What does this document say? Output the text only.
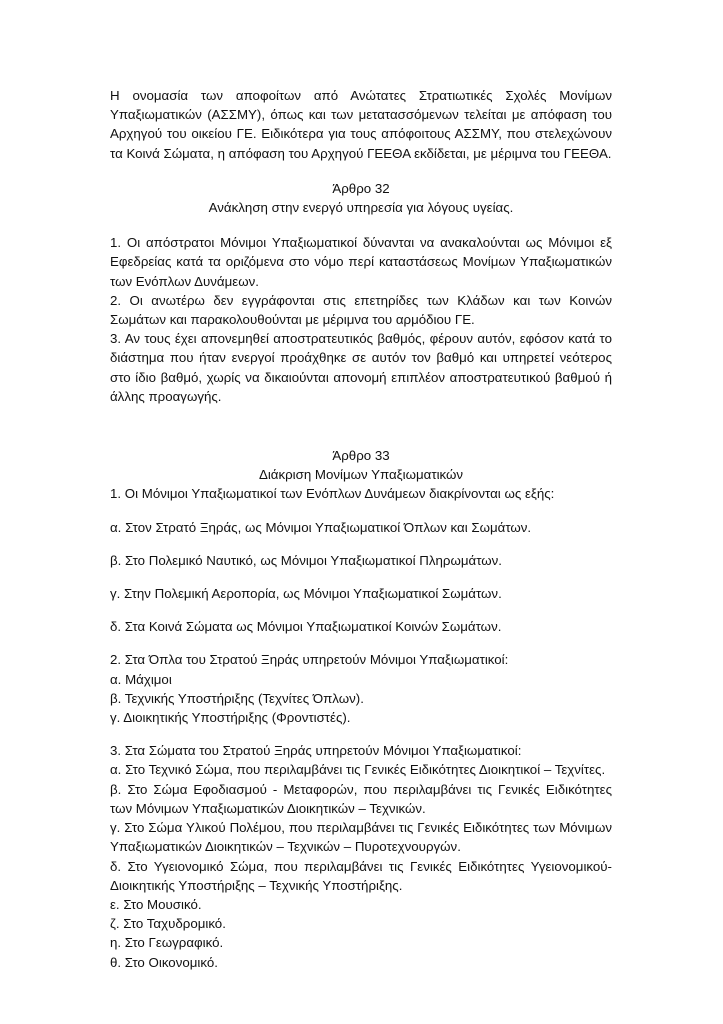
Η ονομασία των αποφοίτων από Ανώτατες Στρατιωτικές Σχολές Μονίμων Υπαξιωματικών (ΑΣΣΜΥ), όπως και των μετατασσόμενων τελείται με απόφαση του Αρχηγού του οικείου ΓΕ. Ειδικότερα για τους απόφοιτους ΑΣΣΜΥ, που στελεχώνουν τα Κοινά Σώματα, η απόφαση του Αρχηγού ΓΕΕΘΑ εκδίδεται, με μέριμνα του ΓΕΕΘΑ.

Άρθρο 32

Ανάκληση στην ενεργό υπηρεσία για λόγους υγείας.

1. Οι απόστρατοι Μόνιμοι Υπαξιωματικοί δύνανται να ανακαλούνται ως Μόνιμοι εξ Εφεδρείας κατά τα οριζόμενα στο νόμο περί καταστάσεως Μονίμων Υπαξιωματικών των Ενόπλων Δυνάμεων.

2. Οι ανωτέρω δεν εγγράφονται στις επετηρίδες των Κλάδων και των Κοινών Σωμάτων και παρακολουθούνται με μέριμνα του αρμόδιου ΓΕ.

3. Αν τους έχει απονεμηθεί αποστρατευτικός βαθμός, φέρουν αυτόν, εφόσον κατά το διάστημα που ήταν ενεργοί προάχθηκε σε αυτόν τον βαθμό και υπηρετεί νεότερος στο ίδιο βαθμό, χωρίς να δικαιούνται απονομή επιπλέον αποστρατευτικού βαθμού ή άλλης προαγωγής.

Άρθρο 33

Διάκριση Μονίμων Υπαξιωματικών

1. Οι Μόνιμοι Υπαξιωματικοί των Ενόπλων Δυνάμεων διακρίνονται ως εξής:

α. Στον Στρατό Ξηράς, ως Μόνιμοι Υπαξιωματικοί Όπλων και Σωμάτων.

β. Στο Πολεμικό Ναυτικό, ως Μόνιμοι Υπαξιωματικοί Πληρωμάτων.

γ. Στην Πολεμική Αεροπορία, ως Μόνιμοι Υπαξιωματικοί Σωμάτων.

δ. Στα Κοινά Σώματα ως Μόνιμοι Υπαξιωματικοί Κοινών Σωμάτων.

2. Στα Όπλα του Στρατού Ξηράς υπηρετούν Μόνιμοι Υπαξιωματικοί:

α. Μάχιμοι

β. Τεχνικής Υποστήριξης (Τεχνίτες Όπλων).

γ. Διοικητικής Υποστήριξης (Φροντιστές).

3. Στα Σώματα του Στρατού Ξηράς υπηρετούν Μόνιμοι Υπαξιωματικοί:

α. Στο Τεχνικό Σώμα, που περιλαμβάνει τις Γενικές Ειδικότητες Διοικητικοί – Τεχνίτες.

β. Στο Σώμα Εφοδιασμού - Μεταφορών, που περιλαμβάνει τις Γενικές Ειδικότητες των Μόνιμων Υπαξιωματικών Διοικητικών – Τεχνικών.

γ. Στο Σώμα Υλικού Πολέμου, που περιλαμβάνει τις Γενικές Ειδικότητες των Μόνιμων Υπαξιωματικών Διοικητικών – Τεχνικών – Πυροτεχνουργών.

δ. Στο Υγειονομικό Σώμα, που περιλαμβάνει τις Γενικές Ειδικότητες Υγειονομικού-Διοικητικής Υποστήριξης – Τεχνικής Υποστήριξης.

ε. Στο Μουσικό.

ζ. Στο Ταχυδρομικό.

η. Στο Γεωγραφικό.

θ. Στο Οικονομικό.
